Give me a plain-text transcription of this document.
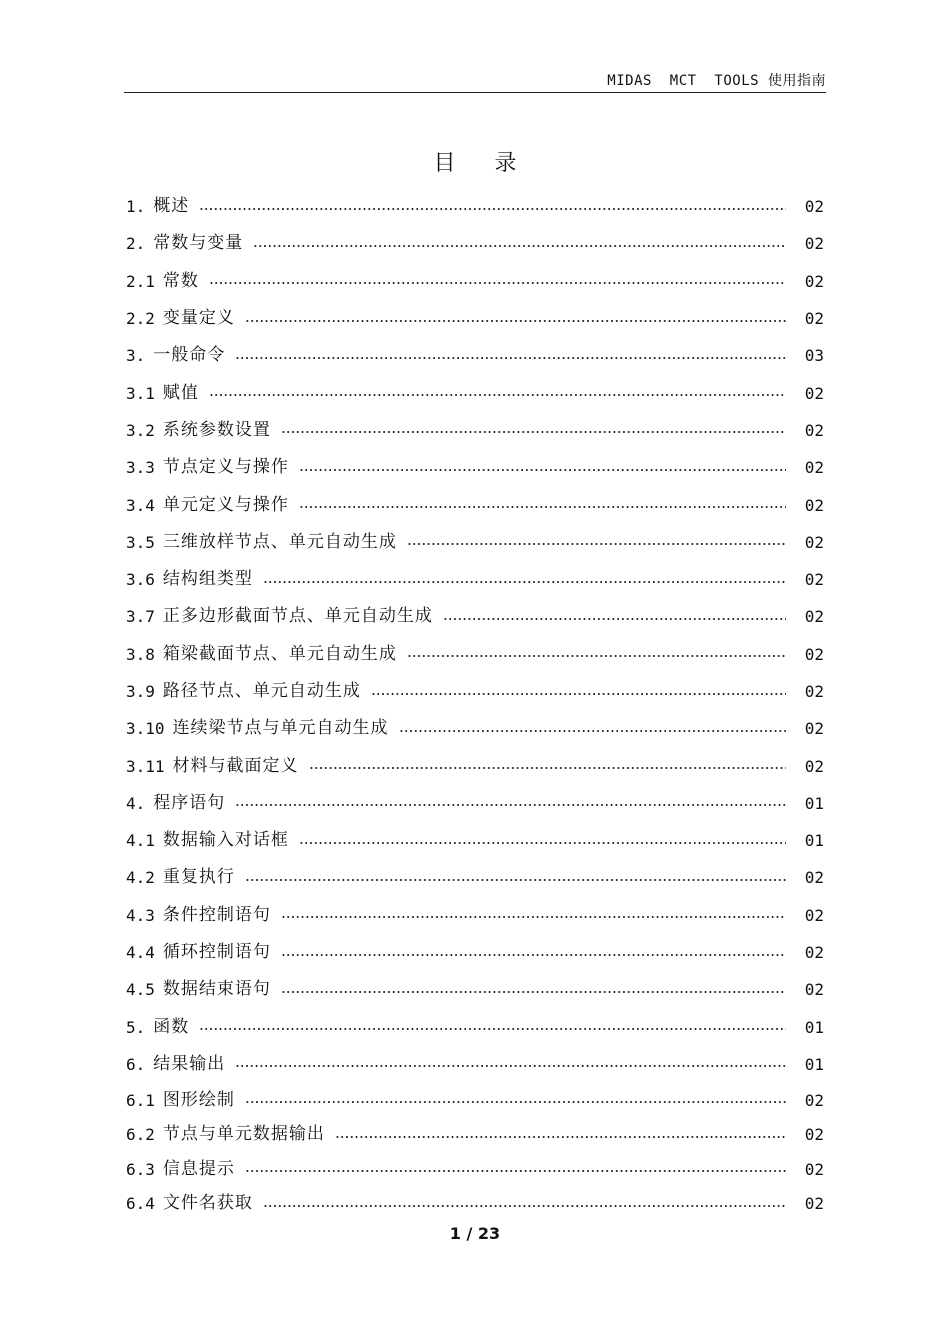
MIDAS  MCT  TOOLS 使用指南
目 录
1. 概述	02
2. 常数与变量	02
2.1 常数	02
2.2 变量定义	02
3. 一般命令	03
3.1 赋值	02
3.2 系统参数设置	02
3.3 节点定义与操作	02
3.4 单元定义与操作	02
3.5 三维放样节点、单元自动生成	02
3.6 结构组类型	02
3.7 正多边形截面节点、单元自动生成	02
3.8 箱梁截面节点、单元自动生成	02
3.9 路径节点、单元自动生成	02
3.10 连续梁节点与单元自动生成	02
3.11 材料与截面定义	02
4. 程序语句	01
4.1 数据输入对话框	01
4.2 重复执行	02
4.3 条件控制语句	02
4.4 循环控制语句	02
4.5 数据结束语句	02
5. 函数	01
6. 结果输出	01
6.1 图形绘制	02
6.2 节点与单元数据输出	02
6.3 信息提示	02
6.4 文件名获取	02
1 / 23
